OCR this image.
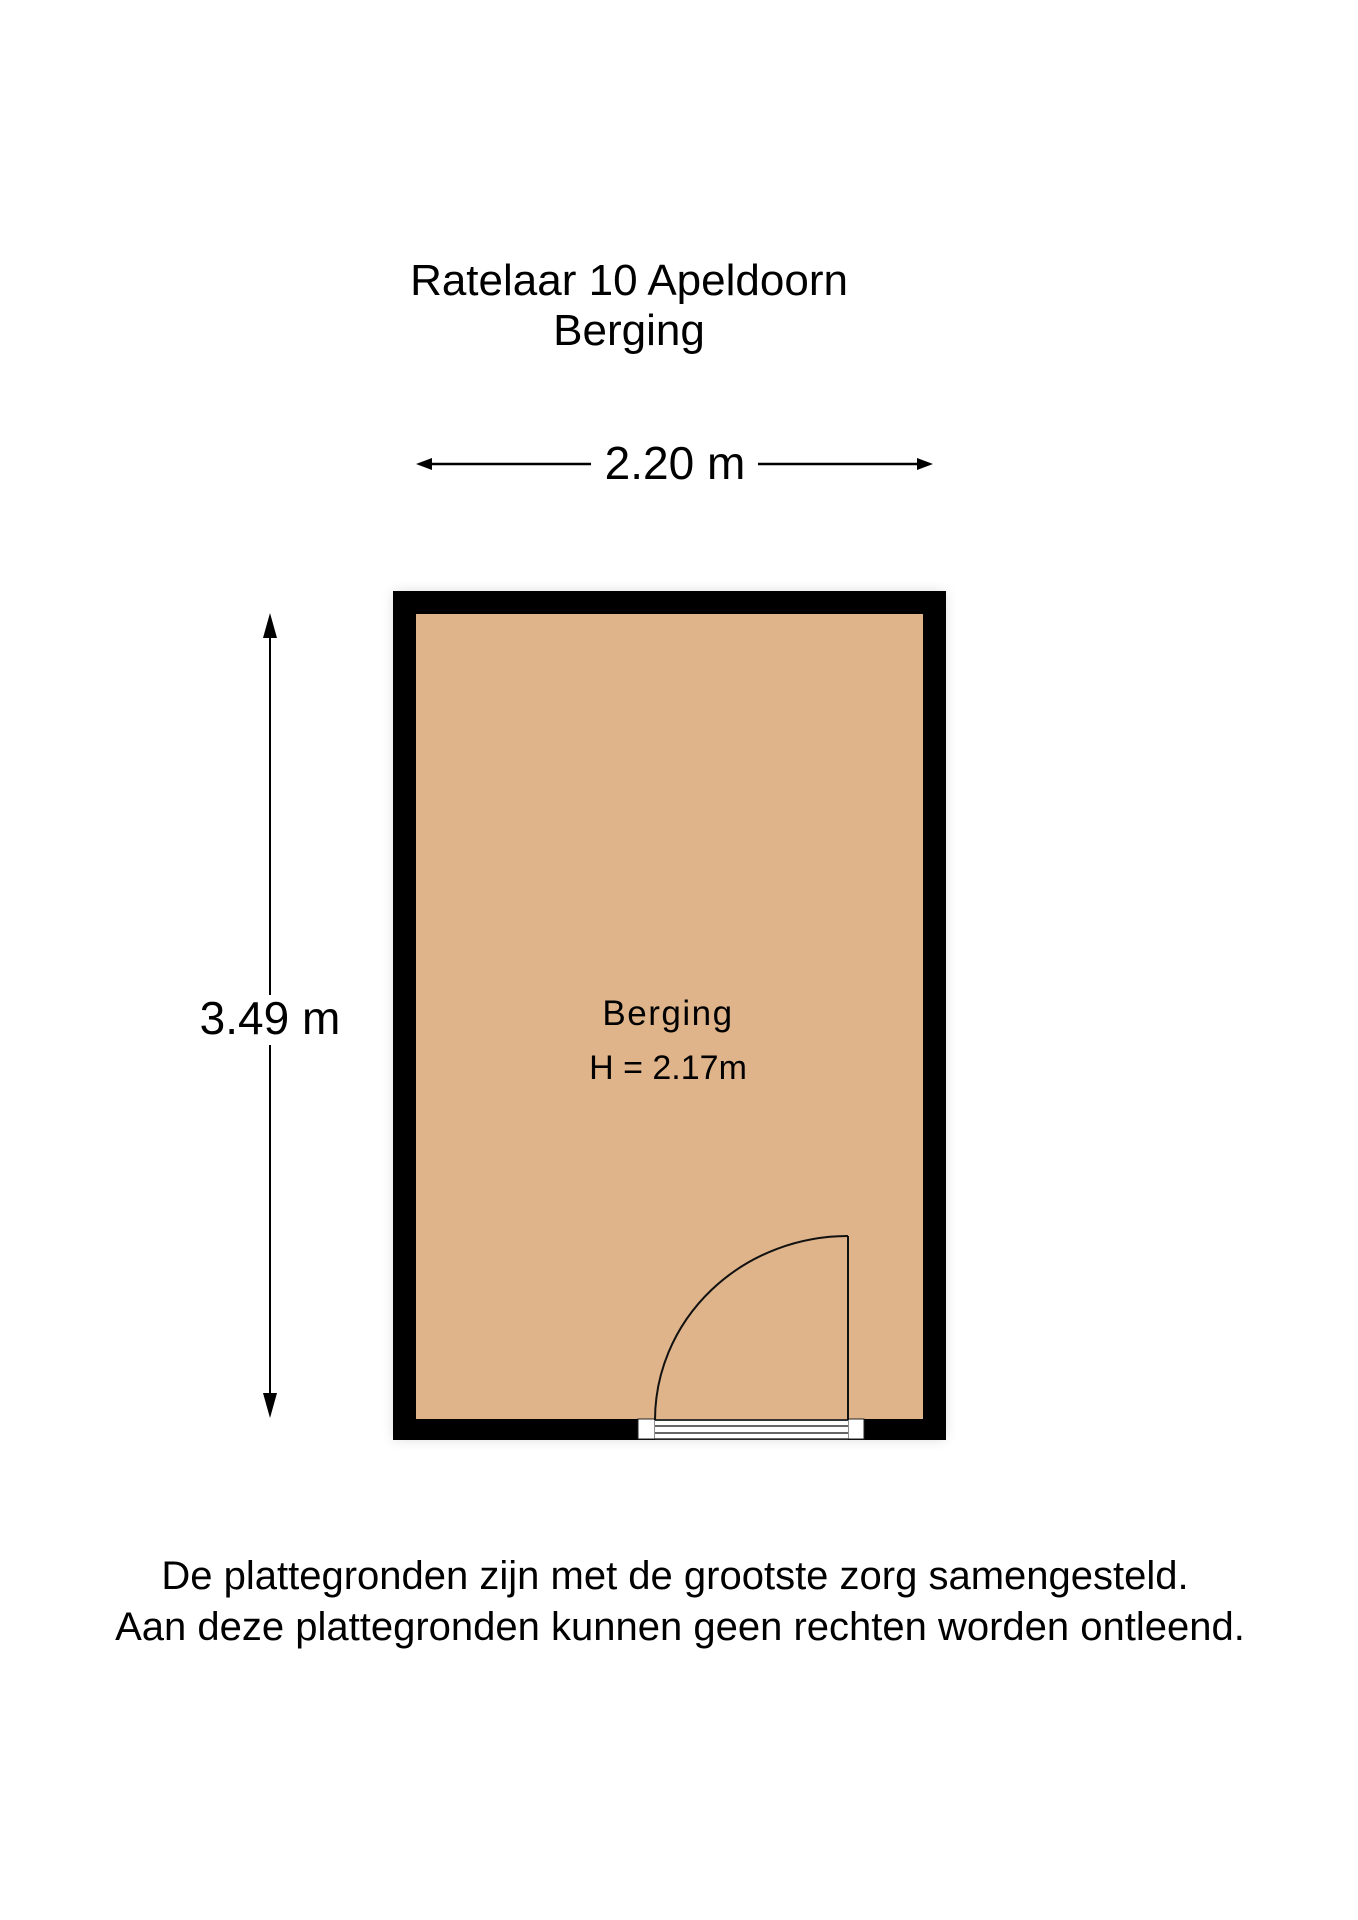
Ratelaar 10 Apeldoorn
Berging
2.20 m
3.49 m	Berging
H = 2.17m
De plattegronden zijn met de grootste zorg samengesteld.
Aan deze plattegronden kunnen geen rechten worden ontleend.
